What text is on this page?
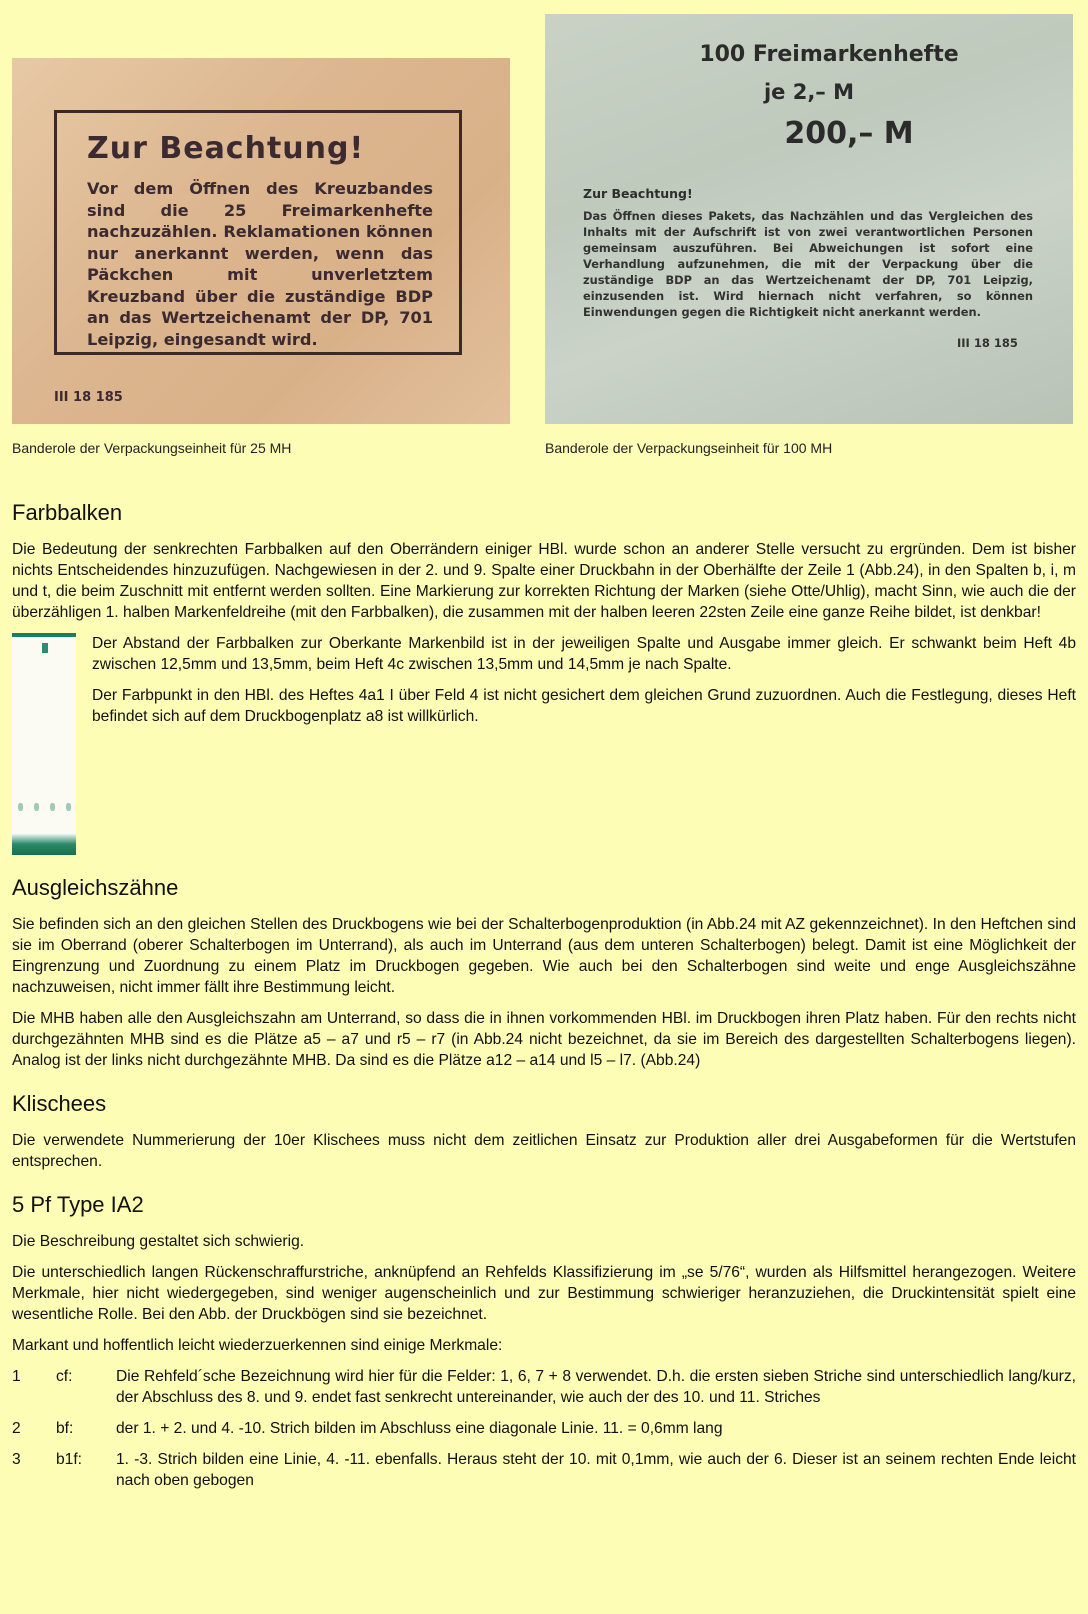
Zur Beachtung!
Vor dem Öffnen des Kreuzbandes sind die 25 Freimarkenhefte nachzuzählen. Reklamationen können nur anerkannt werden, wenn das Päckchen mit unverletztem Kreuzband über die zuständige BDP an das Wertzeichenamt der DP, 701 Leipzig, eingesandt wird.
III 18 185
100 Freimarkenhefte
je 2,– M
200,– M
Zur Beachtung!
Das Öffnen dieses Pakets, das Nachzählen und das Vergleichen des Inhalts mit der Aufschrift ist von zwei verantwortlichen Personen gemeinsam auszuführen. Bei Abweichungen ist sofort eine Verhandlung aufzunehmen, die mit der Verpackung über die zuständige BDP an das Wertzeichenamt der DP, 701 Leipzig, einzusenden ist. Wird hiernach nicht verfahren, so können Einwendungen gegen die Richtigkeit nicht anerkannt werden.
III 18 185
Banderole der Verpackungseinheit für 25 MH	Banderole der Verpackungseinheit für 100 MH
Farbbalken

Die Bedeutung der senkrechten Farbbalken auf den Oberrändern einiger HBl. wurde schon an anderer Stelle versucht zu ergründen. Dem ist bisher nichts Entscheidendes hinzuzufügen. Nachgewiesen in der 2. und 9. Spalte einer Druckbahn in der Oberhälfte der Zeile 1 (Abb.24), in den Spalten b, i, m und t, die beim Zuschnitt mit entfernt werden sollten. Eine Markierung zur korrekten Richtung der Marken (siehe Otte/Uhlig), macht Sinn, wie auch die der überzähligen 1. halben Markenfeldreihe (mit den Farbbalken), die zusammen mit der halben leeren 22sten Zeile eine ganze Reihe bildet, ist denkbar!

Der Abstand der Farbbalken zur Oberkante Markenbild ist in der jeweiligen Spalte und Ausgabe immer gleich. Er schwankt beim Heft 4b zwischen 12,5mm und 13,5mm, beim Heft 4c zwischen 13,5mm und 14,5mm je nach Spalte.

Der Farbpunkt in den HBl. des Heftes 4a1 I über Feld 4 ist nicht gesichert dem gleichen Grund zuzuordnen. Auch die Festlegung, dieses Heft befindet sich auf dem Druckbogenplatz a8 ist willkürlich.

Ausgleichszähne

Sie befinden sich an den gleichen Stellen des Druckbogens wie bei der Schalterbogenproduktion (in Abb.24 mit AZ gekennzeichnet). In den Heftchen sind sie im Oberrand (oberer Schalterbogen im Unterrand), als auch im Unterrand (aus dem unteren Schalterbogen) belegt. Damit ist eine Möglichkeit der Eingrenzung und Zuordnung zu einem Platz im Druckbogen gegeben. Wie auch bei den Schalterbogen sind weite und enge Ausgleichszähne nachzuweisen, nicht immer fällt ihre Bestimmung leicht.

Die MHB haben alle den Ausgleichszahn am Unterrand, so dass die in ihnen vorkommenden HBl. im Druckbogen ihren Platz haben. Für den rechts nicht durchgezähnten MHB sind es die Plätze a5 – a7 und r5 – r7 (in Abb.24 nicht bezeichnet, da sie im Bereich des dargestellten Schalterbogens liegen). Analog ist der links nicht durchgezähnte MHB. Da sind es die Plätze a12 – a14 und l5 – l7. (Abb.24)

Klischees

Die verwendete Nummerierung der 10er Klischees muss nicht dem zeitlichen Einsatz zur Produktion aller drei Ausgabeformen für die Wertstufen entsprechen.

5 Pf Type IA2

Die Beschreibung gestaltet sich schwierig.

Die unterschiedlich langen Rückenschraffurstriche, anknüpfend an Rehfelds Klassifizierung im „se 5/76“, wurden als Hilfsmittel herangezogen. Weitere Merkmale, hier nicht wiedergegeben, sind weniger augenscheinlich und zur Bestimmung schwieriger heranzuziehen, die Druckintensität spielt eine wesentliche Rolle. Bei den Abb. der Druckbögen sind sie bezeichnet.

Markant und hoffentlich leicht wiederzuerkennen sind einige Merkmale:

1	cf:	Die Rehfeld´sche Bezeichnung wird hier für die Felder: 1, 6, 7 + 8 verwendet. D.h. die ersten sieben Striche sind unterschiedlich lang/kurz, der Abschluss des 8. und 9. endet fast senkrecht untereinander, wie auch der des 10. und 11. Striches
2	bf:	der 1. + 2. und 4. -10. Strich bilden im Abschluss eine diagonale Linie. 11. = 0,6mm lang
3	b1f:	1. -3. Strich bilden eine Linie, 4. -11. ebenfalls. Heraus steht der 10. mit 0,1mm, wie auch der 6. Dieser ist an seinem rechten Ende leicht nach oben gebogen
